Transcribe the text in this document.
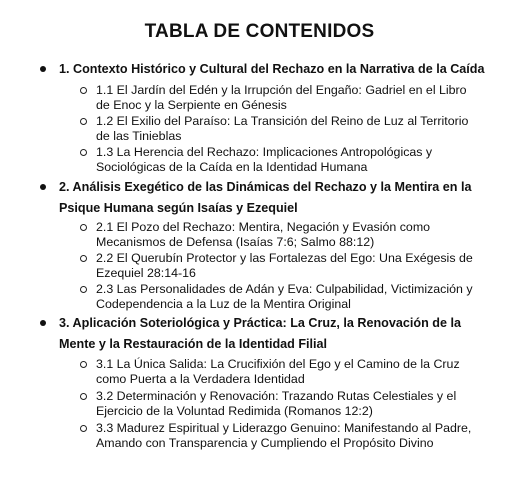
TABLA DE CONTENIDOS
1. Contexto Histórico y Cultural del Rechazo en la Narrativa de la Caída
1.1 El Jardín del Edén y la Irrupción del Engaño: Gadriel en el Libro de Enoc y la Serpiente en Génesis
1.2 El Exilio del Paraíso: La Transición del Reino de Luz al Territorio de las Tinieblas
1.3 La Herencia del Rechazo: Implicaciones Antropológicas y Sociológicas de la Caída en la Identidad Humana
2. Análisis Exegético de las Dinámicas del Rechazo y la Mentira en la Psique Humana según Isaías y Ezequiel
2.1 El Pozo del Rechazo: Mentira, Negación y Evasión como Mecanismos de Defensa (Isaías 7:6; Salmo 88:12)
2.2 El Querubín Protector y las Fortalezas del Ego: Una Exégesis de Ezequiel 28:14-16
2.3 Las Personalidades de Adán y Eva: Culpabilidad, Victimización y Codependencia a la Luz de la Mentira Original
3. Aplicación Soteriológica y Práctica: La Cruz, la Renovación de la Mente y la Restauración de la Identidad Filial
3.1 La Única Salida: La Crucifixión del Ego y el Camino de la Cruz como Puerta a la Verdadera Identidad
3.2 Determinación y Renovación: Trazando Rutas Celestiales y el Ejercicio de la Voluntad Redimida (Romanos 12:2)
3.3 Madurez Espiritual y Liderazgo Genuino: Manifestando al Padre, Amando con Transparencia y Cumpliendo el Propósito Divino
